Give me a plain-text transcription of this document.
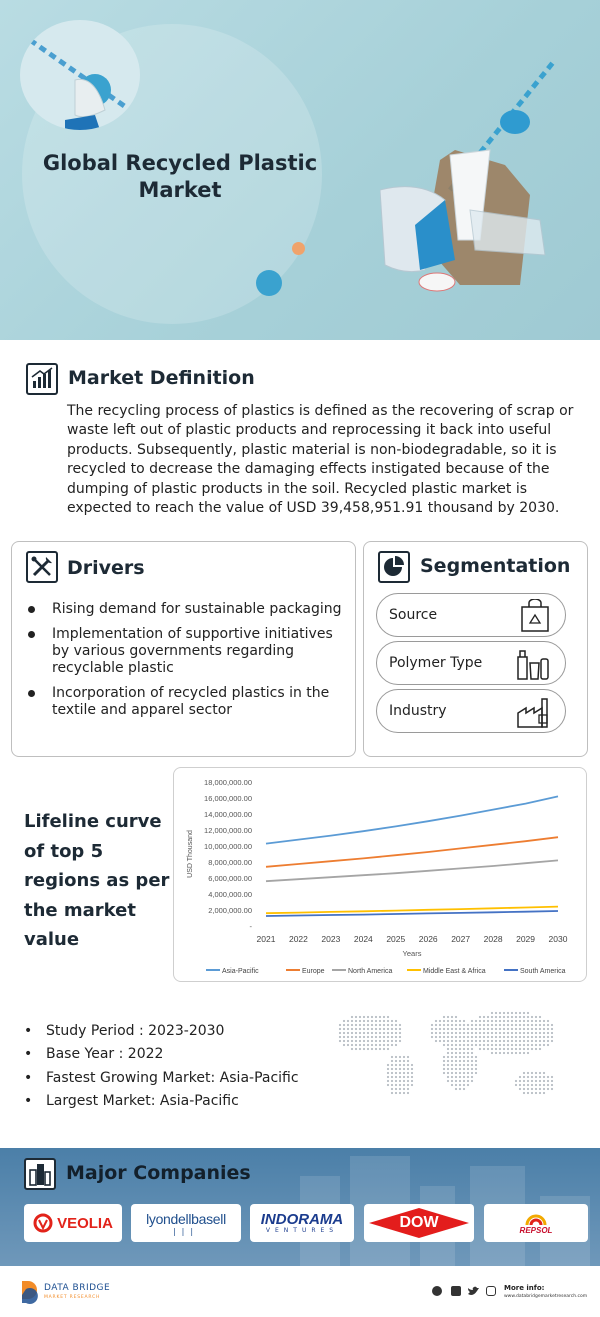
Global Recycled Plastic Market
Market Definition

The recycling process of plastics is defined as the recovering of scrap or waste left out of plastic products and reprocessing it back into useful products. Subsequently, plastic material is non-biodegradable, so it is recycled to decrease the damaging effects instigated because of the dumping of plastic products in the soil. Recycled plastic market is expected to reach the value of USD 39,458,951.91 thousand by 2030.

Drivers
Rising demand for sustainable packaging
Implementation of supportive initiatives by various governments regarding recyclable plastic
Incorporation of recycled plastics in the textile and apparel sector
Segmentation
Source
Polymer Type
Industry
Lifeline curve of top 5 regions as per the market value
-
2,000,000.00
4,000,000.00
6,000,000.00
8,000,000.00
10,000,000.00
12,000,000.00
14,000,000.00
16,000,000.00
18,000,000.00
2021 2022 2023 2024 2025 2026 2027 2028 2029 2030
Years
USD Thousand
Asia-Pacific	Europe	North America	Middle East & Africa	South America
• Study Period : 2023-2030
• Base Year : 2022
• Fastest Growing Market: Asia-Pacific
• Largest Market: Asia-Pacific
Major Companies
VEOLIA lyondellbasell
|||
INDORAMA
VENTURES	DOW	REPSOL
DATA BRIDGE
MARKET RESEARCH
More info:
www.databridgemarketresearch.com
